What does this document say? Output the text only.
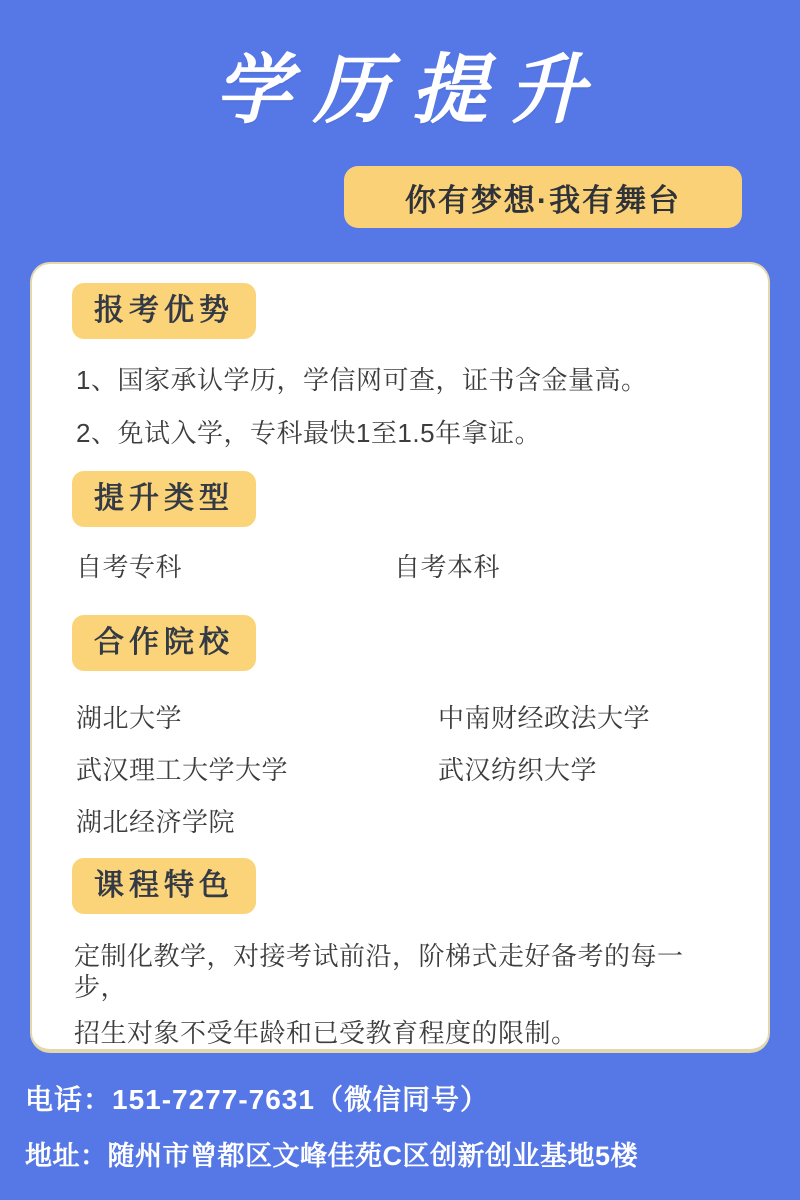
学历提升
你有梦想·我有舞台
报考优势
1、国家承认学历，学信网可查，证书含金量高。
2、免试入学，专科最快1至1.5年拿证。
提升类型
自考专科	自考本科
合作院校
湖北大学	中南财经政法大学
武汉理工大学大学	武汉纺织大学
湖北经济学院
课程特色
定制化教学，对接考试前沿，阶梯式走好备考的每一步，
招生对象不受年龄和已受教育程度的限制。
电话：151-7277-7631（微信同号）
地址：随州市曾都区文峰佳苑C区创新创业基地5楼
